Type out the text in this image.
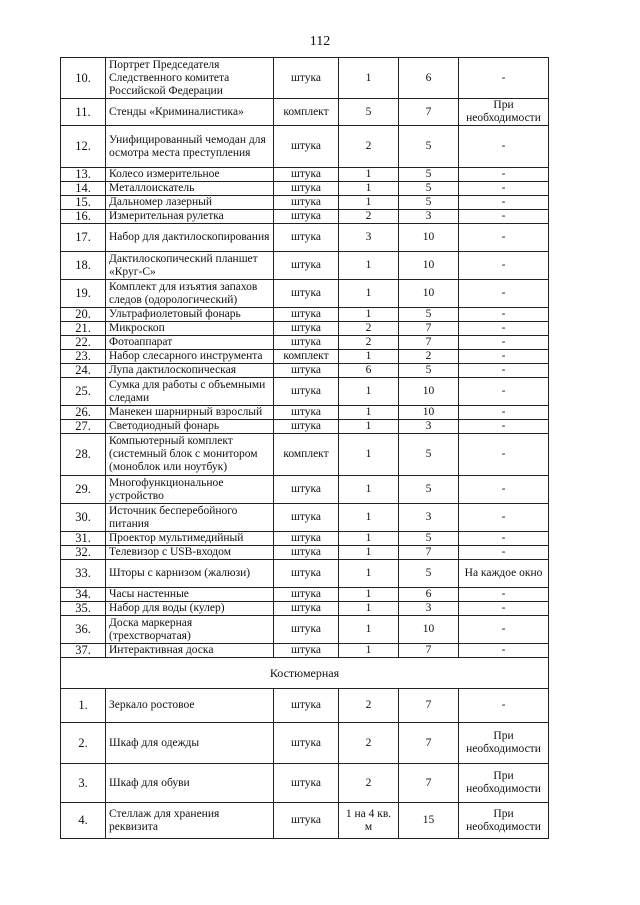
112
10.	Портрет Председателя Следственного комитета Российской Федерации	штука	1	6	-
11.	Стенды «Криминалистика»	комплект	5	7	При необходимости
12.	Унифицированный чемодан для осмотра места преступления	штука	2	5	-
13.	Колесо измерительное	штука	1	5	-
14.	Металлоискатель	штука	1	5	-
15.	Дальномер лазерный	штука	1	5	-
16.	Измерительная рулетка	штука	2	3	-
17.	Набор для дактилоскопирования	штука	3	10	-
18.	Дактилоскопический планшет «Круг-С»	штука	1	10	-
19.	Комплект для изъятия запахов следов (одорологический)	штука	1	10	-
20.	Ультрафиолетовый фонарь	штука	1	5	-
21.	Микроскоп	штука	2	7	-
22.	Фотоаппарат	штука	2	7	-
23.	Набор слесарного инструмента	комплект	1	2	-
24.	Лупа дактилоскопическая	штука	6	5	-
25.	Сумка для работы с объемными следами	штука	1	10	-
26.	Манекен шарнирный взрослый	штука	1	10	-
27.	Светодиодный фонарь	штука	1	3	-
28.	Компьютерный комплект (системный блок с монитором (моноблок или ноутбук)	комплект	1	5	-
29.	Многофункциональное устройство	штука	1	5	-
30.	Источник бесперебойного питания	штука	1	3	-
31.	Проектор мультимедийный	штука	1	5	-
32.	Телевизор с USB-входом	штука	1	7	-
33.	Шторы с карнизом (жалюзи)	штука	1	5	На каждое окно
34.	Часы настенные	штука	1	6	-
35.	Набор для воды (кулер)	штука	1	3	-
36.	Доска маркерная (трехстворчатая)	штука	1	10	-
37.	Интерактивная доска	штука	1	7	-
Костюмерная					
1.	Зеркало ростовое	штука	2	7	-
2.	Шкаф для одежды	штука	2	7	При необходимости
3.	Шкаф для обуви	штука	2	7	При необходимости
4.	Стеллаж для хранения реквизита	штука	1 на 4 кв. м	15	При необходимости
